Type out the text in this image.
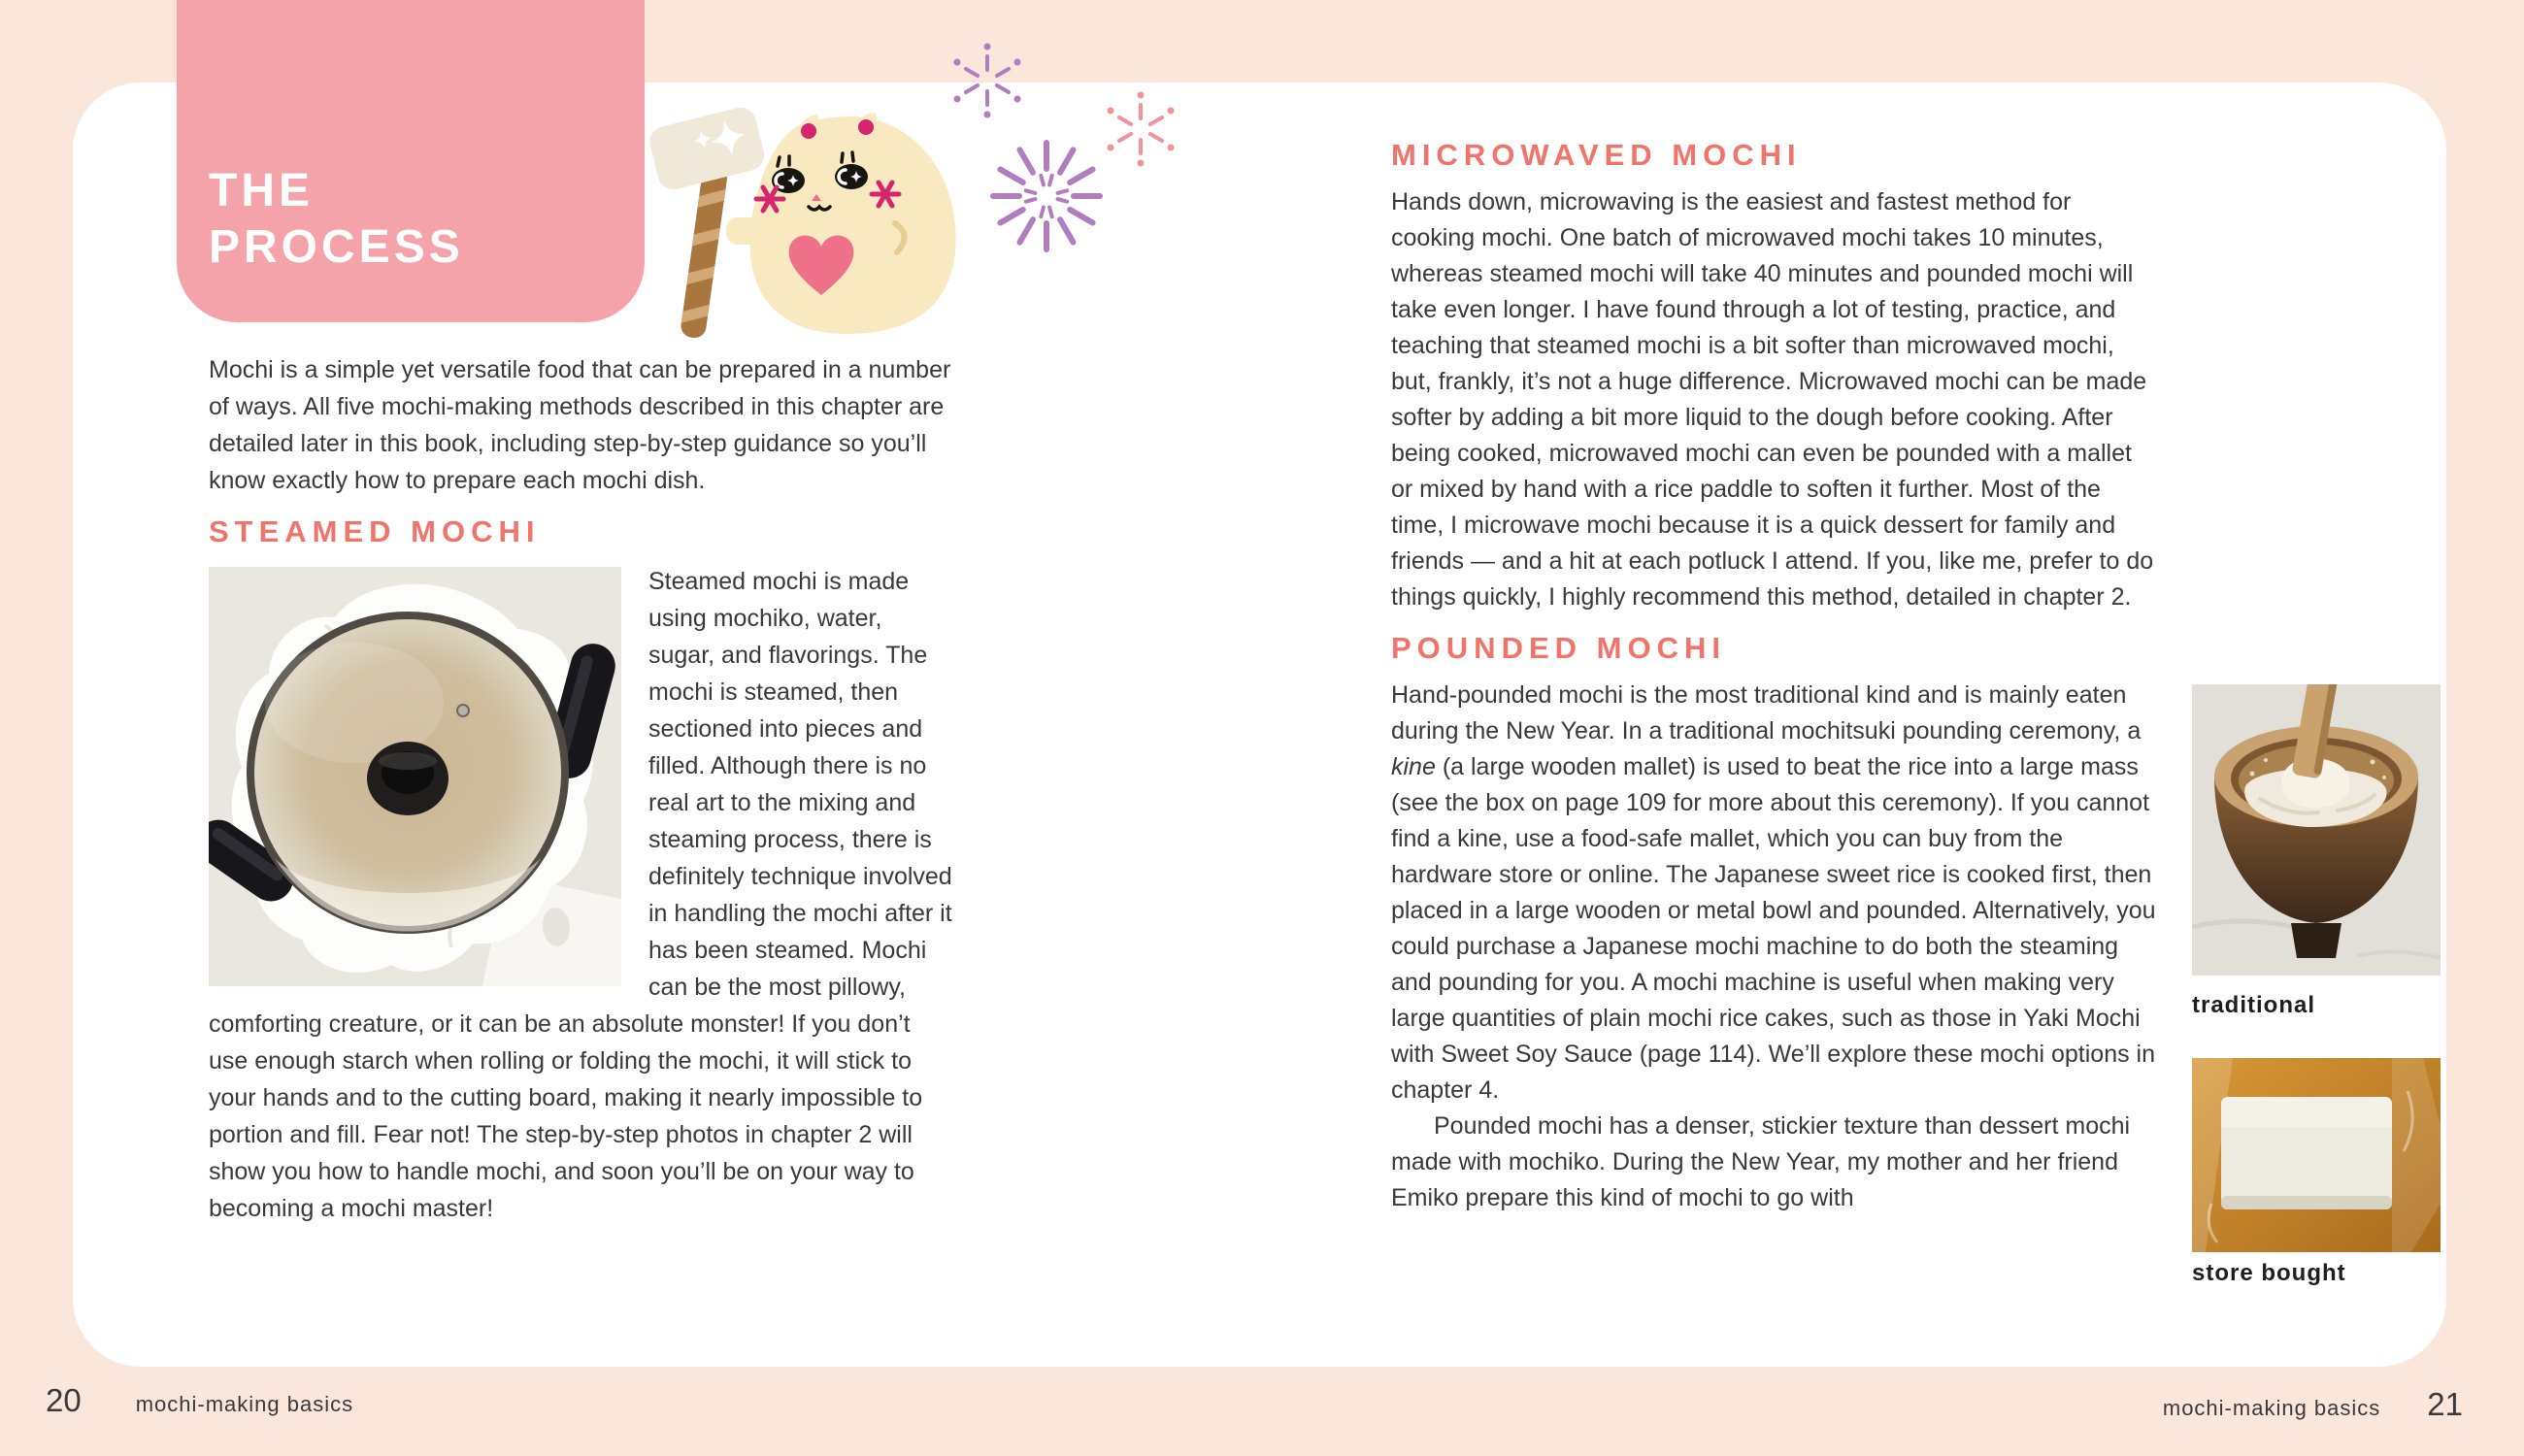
THE
PROCESS

Mochi is a simple yet versatile food that can be prepared in a number of ways. All five mochi-making methods described in this chapter are detailed later in this book, including step-by-step guidance so you’ll know exactly how to prepare each mochi dish.

STEAMED MOCHI
Steamed mochi is made using mochiko, water, sugar, and flavorings. The mochi is steamed, then sectioned into pieces and filled. Although there is no real art to the mixing and steaming process, there is definitely technique involved in handling the mochi after it has been steamed. Mochi can be the most pillowy, comforting creature, or it can be an absolute monster! If you don’t use enough starch when rolling or folding the mochi, it will stick to your hands and to the cutting board, making it nearly impossible to portion and fill. Fear not! The step-by-step photos in chapter 2 will show you how to handle mochi, and soon you’ll be on your way to becoming a mochi master!
MICROWAVED MOCHI

Hands down, microwaving is the easiest and fastest method for cooking mochi. One batch of microwaved mochi takes 10 minutes, whereas steamed mochi will take 40 minutes and pounded mochi will take even longer. I have found through a lot of testing, practice, and teaching that steamed mochi is a bit softer than microwaved mochi, but, frankly, it’s not a huge difference. Microwaved mochi can be made softer by adding a bit more liquid to the dough before cooking. After being cooked, microwaved mochi can even be pounded with a mallet or mixed by hand with a rice paddle to soften it further. Most of the time, I microwave mochi because it is a quick dessert for family and friends — and a hit at each potluck I attend. If you, like me, prefer to do things quickly, I highly recommend this method, detailed in chapter 2.

POUNDED MOCHI

Hand-pounded mochi is the most traditional kind and is mainly eaten during the New Year. In a traditional mochitsuki pounding ceremony, a kine (a large wooden mallet) is used to beat the rice into a large mass (see the box on page 109 for more about this ceremony). If you cannot find a kine, use a food-safe mallet, which you can buy from the hardware store or online. The Japanese sweet rice is cooked first, then placed in a large wooden or metal bowl and pounded. Alternatively, you could purchase a Japanese mochi machine to do both the steaming and pounding for you. A mochi machine is useful when making very large quantities of plain mochi rice cakes, such as those in Yaki Mochi with Sweet Soy Sauce (page 114). We’ll explore these mochi options in chapter 4.

Pounded mochi has a denser, stickier texture than dessert mochi made with mochiko. During the New Year, my mother and her friend Emiko prepare this kind of mochi to go with

traditional
store bought
20	mochi-making basics	mochi-making basics 21
